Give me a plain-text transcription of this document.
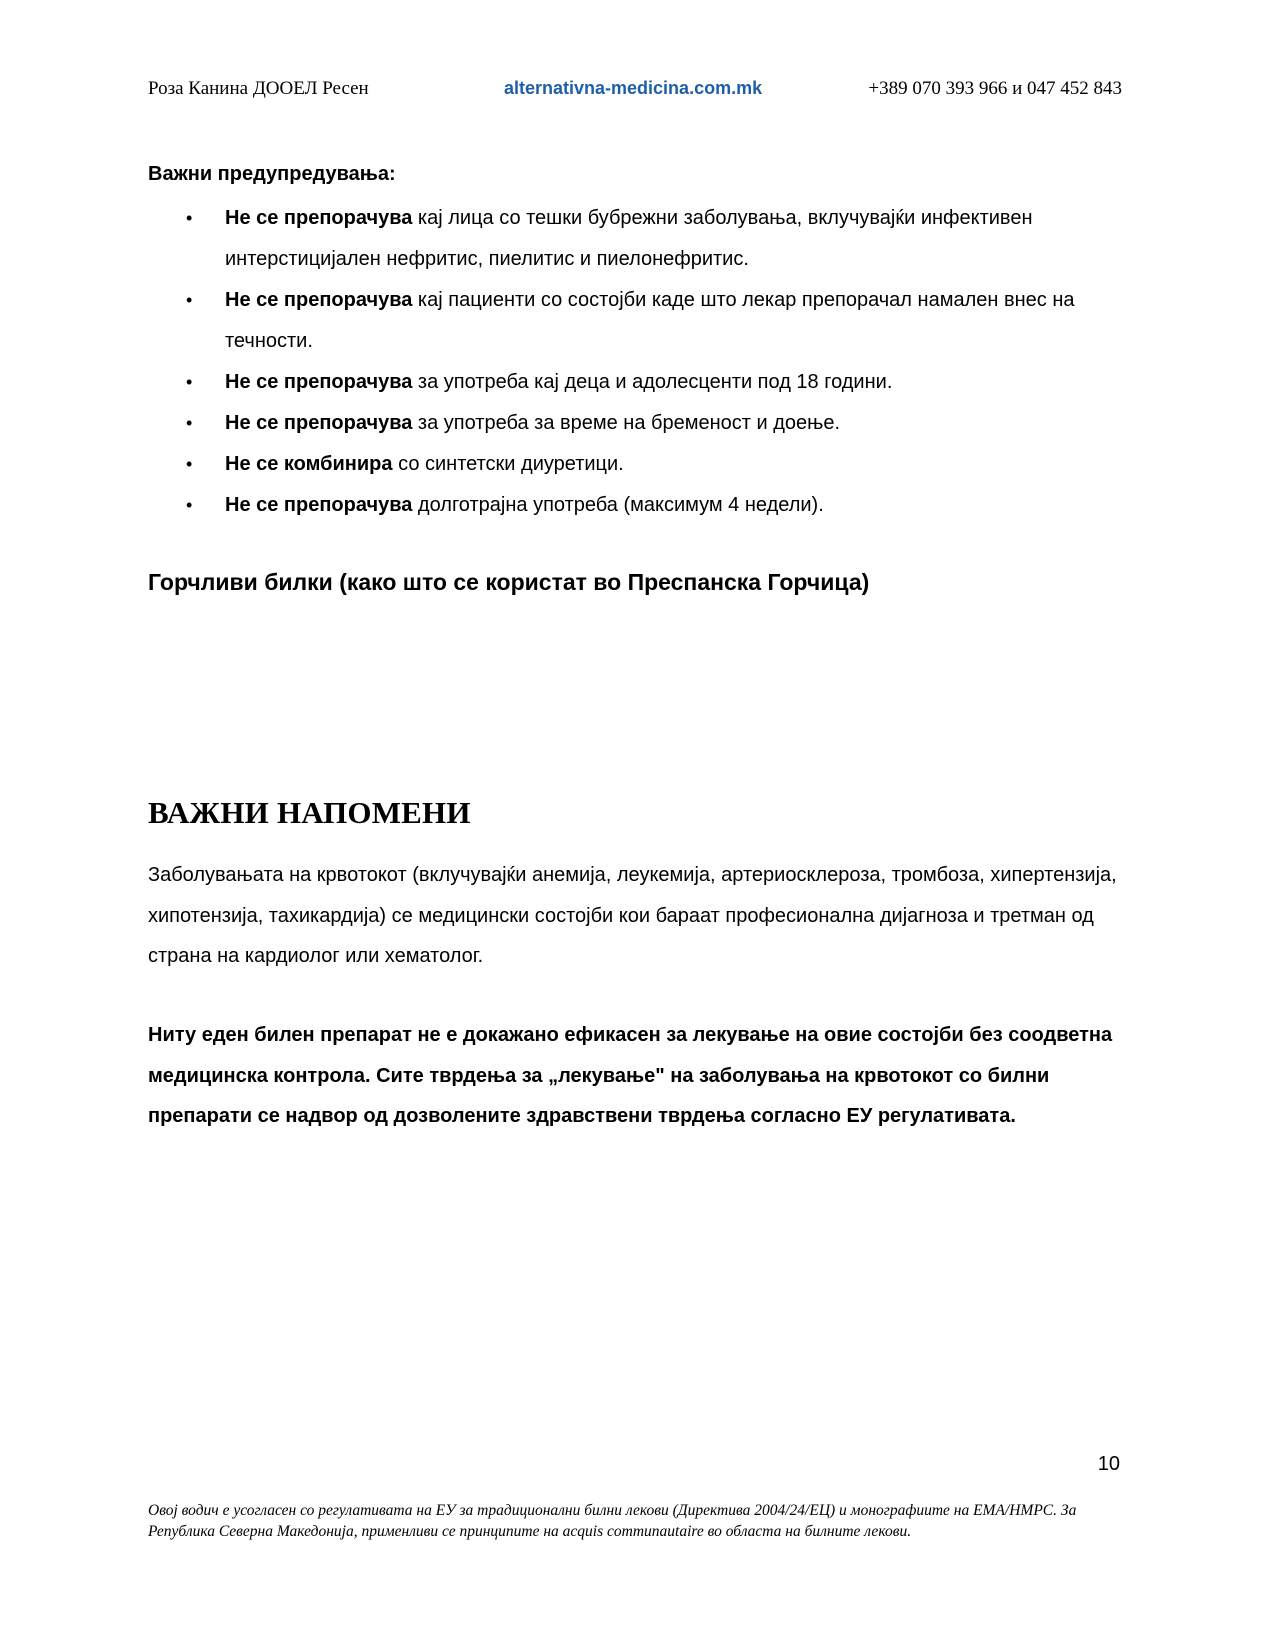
Роза Канина ДООЕЛ Ресен	alternativna-medicina.com.mk	+389 070 393 966 и 047 452 843
Важни предупредувања:
• Не се препорачува кај лица со тешки бубрежни заболувања, вклучувајќи инфективен интерстицијален нефритис, пиелитис и пиелонефритис.
• Не се препорачува кај пациенти со состојби каде што лекар препорачал намален внес на течности.
• Не се препорачува за употреба кај деца и адолесценти под 18 години.
• Не се препорачува за употреба за време на бременост и доење.
• Не се комбинира со синтетски диуретици.
• Не се препорачува долготрајна употреба (максимум 4 недели).
Горчливи билки (како што се користат во Преспанска Горчица)
ВАЖНИ НАПОМЕНИ

Заболувањата на крвотокот (вклучувајќи анемија, леукемија, артериосклероза, тромбоза, хипертензија, хипотензија, тахикардија) се медицински состојби кои бараат професионална дијагноза и третман од страна на кардиолог или хематолог.

Ниту еден билен препарат не е докажано ефикасен за лекување на овие состојби без соодветна медицинска контрола. Сите тврдења за „лекување" на заболувања на крвотокот со билни препарати се надвор од дозволените здравствени тврдења согласно ЕУ регулативата.

10

Овој водич е усогласен со регулативата на ЕУ за традиционални билни лекови (Директива 2004/24/ЕЦ) и монографиите на EMA/HMPC. За Република Северна Македонија, применливи се принципите на acquis communautaire во областа на билните лекови.
